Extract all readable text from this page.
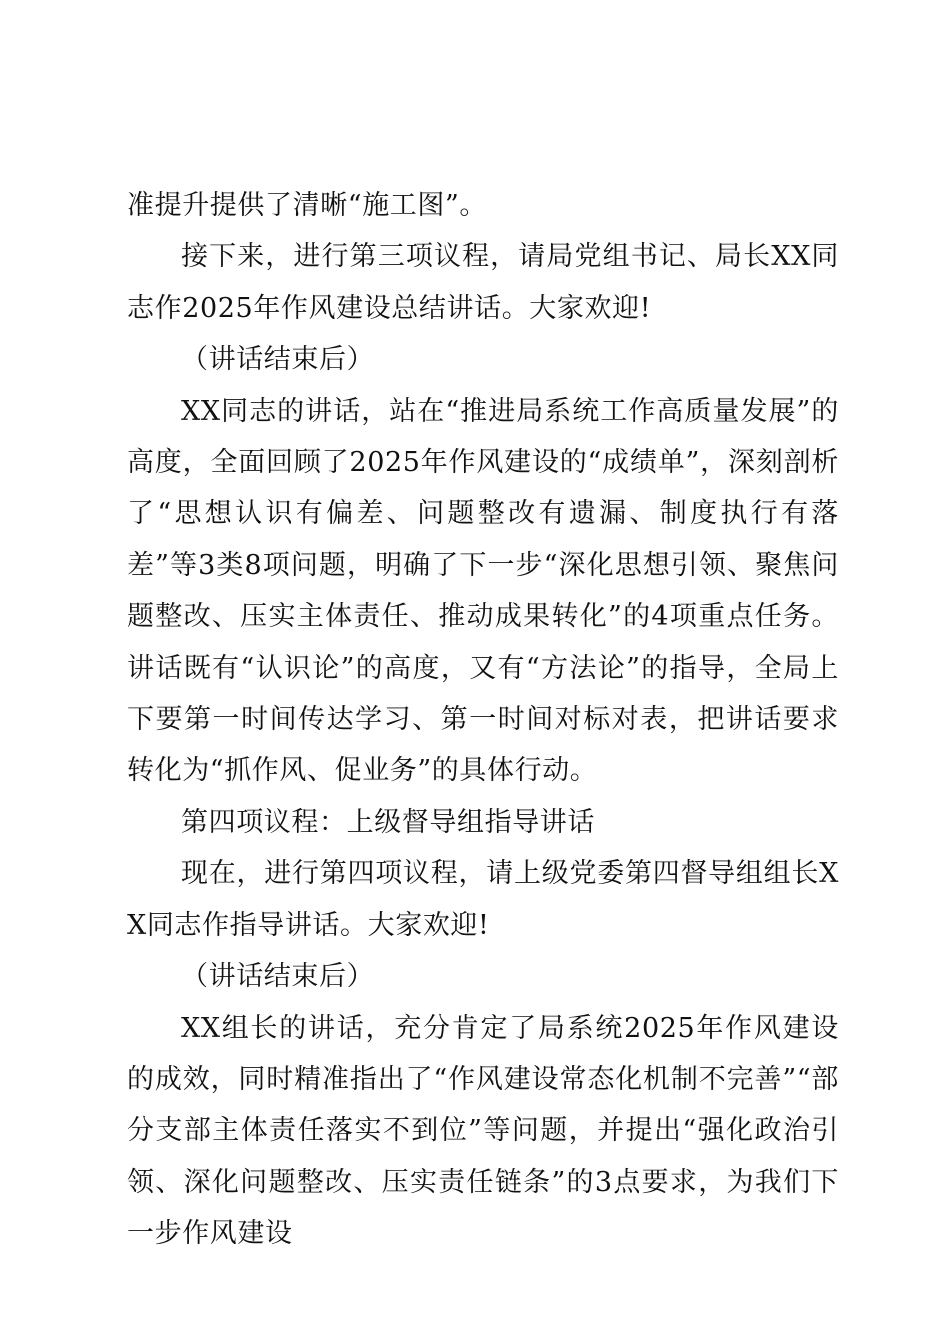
准提升提供了清晰“施工图”。

接下来，进行第三项议程，请局党组书记、局长XX同志作2025年作风建设总结讲话。大家欢迎!

（讲话结束后）

XX同志的讲话，站在“推进局系统工作高质量发展”的高度，全面回顾了2025年作风建设的“成绩单”，深刻剖析了“思想认识有偏差、问题整改有遗漏、制度执行有落差”等3类8项问题，明确了下一步“深化思想引领、聚焦问题整改、压实主体责任、推动成果转化”的4项重点任务。讲话既有“认识论”的高度，又有“方法论”的指导，全局上下要第一时间传达学习、第一时间对标对表，把讲话要求转化为“抓作风、促业务”的具体行动。

第四项议程：上级督导组指导讲话

现在，进行第四项议程，请上级党委第四督导组组长XX同志作指导讲话。大家欢迎!

（讲话结束后）

XX组长的讲话，充分肯定了局系统2025年作风建设的成效，同时精准指出了“作风建设常态化机制不完善”“部分支部主体责任落实不到位”等问题，并提出“强化政治引领、深化问题整改、压实责任链条”的3点要求，为我们下一步作风建设
